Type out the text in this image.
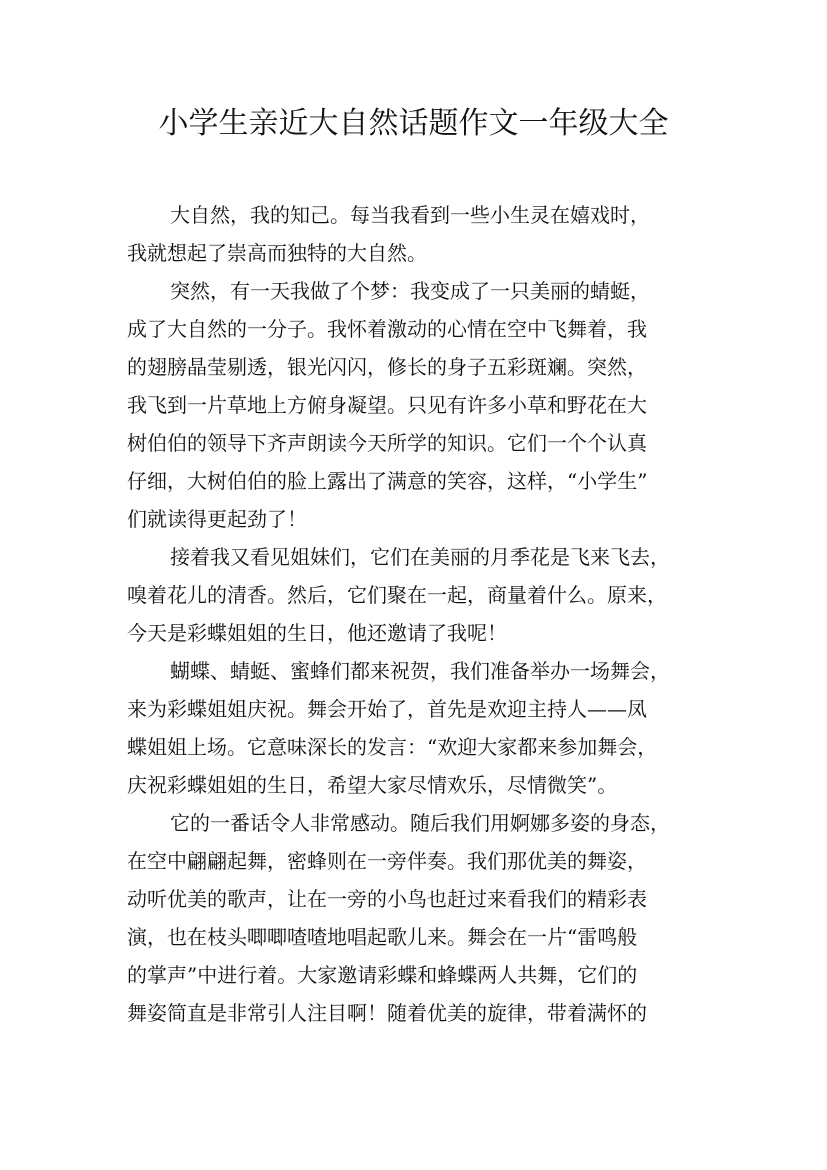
小学生亲近大自然话题作文一年级大全
大自然，我的知己。每当我看到一些小生灵在嬉戏时，
我就想起了崇高而独特的大自然。
突然，有一天我做了个梦：我变成了一只美丽的蜻蜓，
成了大自然的一分子。我怀着激动的心情在空中飞舞着，我
的翅膀晶莹剔透，银光闪闪，修长的身子五彩斑斓。突然，
我飞到一片草地上方俯身凝望。只见有许多小草和野花在大
树伯伯的领导下齐声朗读今天所学的知识。它们一个个认真
仔细，大树伯伯的脸上露出了满意的笑容，这样，“小学生”
们就读得更起劲了！
接着我又看见姐妹们，它们在美丽的月季花是飞来飞去，
嗅着花儿的清香。然后，它们聚在一起，商量着什么。原来，
今天是彩蝶姐姐的生日，他还邀请了我呢！
蝴蝶、蜻蜓、蜜蜂们都来祝贺，我们准备举办一场舞会，
来为彩蝶姐姐庆祝。舞会开始了，首先是欢迎主持人——凤
蝶姐姐上场。它意味深长的发言：“欢迎大家都来参加舞会，
庆祝彩蝶姐姐的生日，希望大家尽情欢乐，尽情微笑”。
它的一番话令人非常感动。随后我们用婀娜多姿的身态，
在空中翩翩起舞，密蜂则在一旁伴奏。我们那优美的舞姿，
动听优美的歌声，让在一旁的小鸟也赶过来看我们的精彩表
演，也在枝头唧唧喳喳地唱起歌儿来。舞会在一片“雷鸣般
的掌声”中进行着。大家邀请彩蝶和蜂蝶两人共舞，它们的
舞姿简直是非常引人注目啊！随着优美的旋律，带着满怀的
